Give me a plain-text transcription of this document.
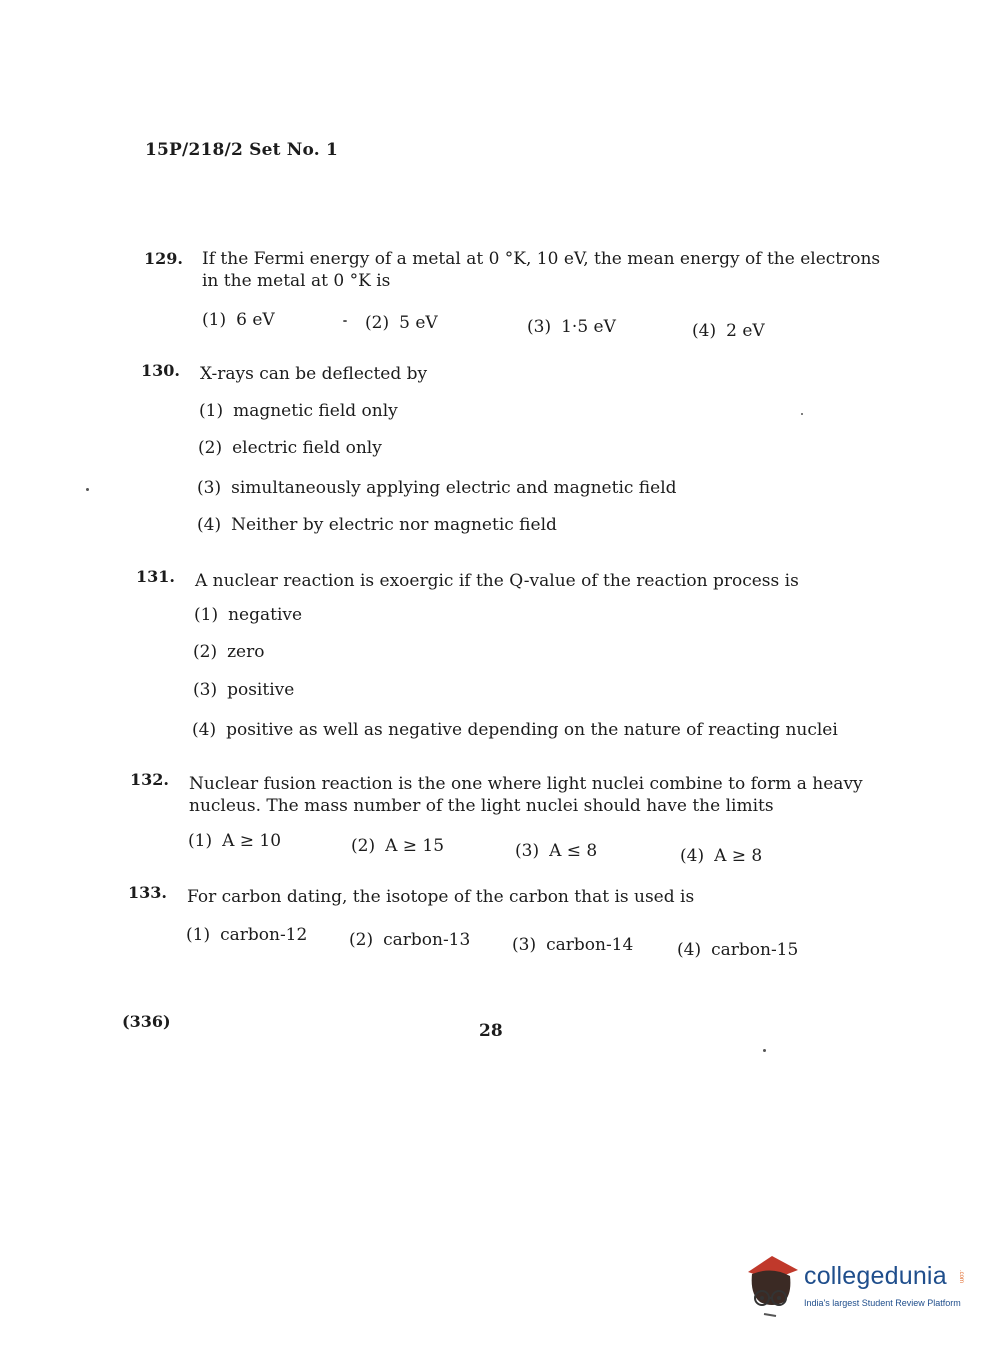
15P/218/2 Set No. 1
129. If the Fermi energy of a metal at 0 °K, 10 eV, the mean energy of the electrons in the metal at 0 °K is
(1) 6 eV	(2) 5 eV	(3) 1·5 eV	(4) 2 eV
130. X-rays can be deflected by
(1) magnetic field only
(2) electric field only
(3) simultaneously applying electric and magnetic field
(4) Neither by electric nor magnetic field
131. A nuclear reaction is exoergic if the Q-value of the reaction process is
(1) negative
(2) zero
(3) positive
(4) positive as well as negative depending on the nature of reacting nuclei
132. Nuclear fusion reaction is the one where light nuclei combine to form a heavy nucleus. The mass number of the light nuclei should have the limits
(1) A ≥ 10	(2) A ≥ 15	(3) A ≤ 8	(4) A ≥ 8
133. For carbon dating, the isotope of the carbon that is used is
(1) carbon-12 (2) carbon-13 (3) carbon-14	(4) carbon-15
(336)	28
collegedunia .com
India's largest Student Review Platform
